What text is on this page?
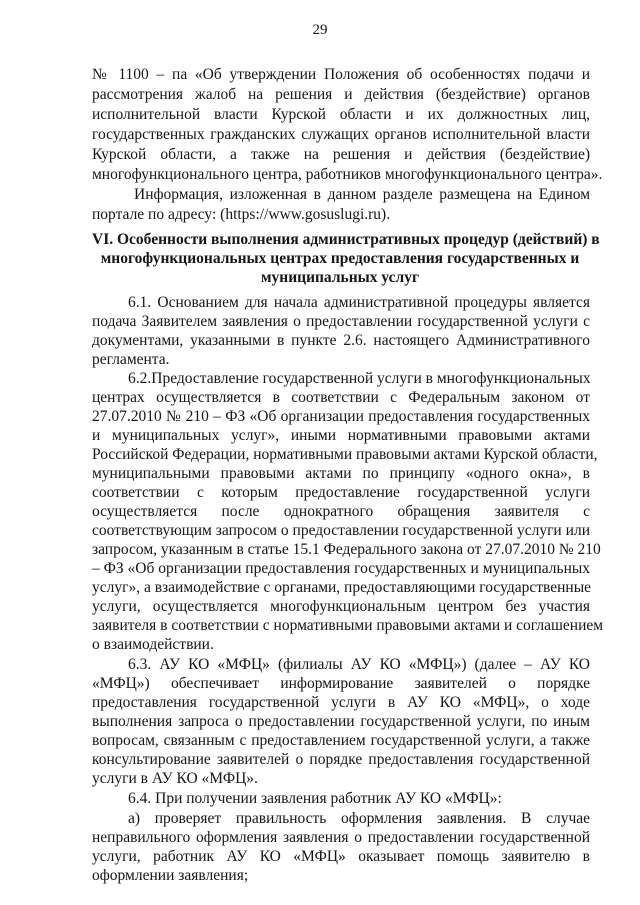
29
№ 1100 – па «Об утверждении Положения об особенностях подачи и
рассмотрения жалоб на решения и действия (бездействие) органов
исполнительной власти Курской области и их должностных лиц,
государственных гражданских служащих органов исполнительной власти
Курской области, а также на решения и действия (бездействие)
многофункционального центра, работников многофункционального центра».
Информация, изложенная в данном разделе размещена на Едином
портале по адресу: (https://www.gosuslugi.ru).
VI. Особенности выполнения административных процедур (действий) в
многофункциональных центрах предоставления государственных и
муниципальных услуг
6.1. Основанием для начала административной процедуры является
подача Заявителем заявления о предоставлении государственной услуги с
документами, указанными в пункте 2.6. настоящего Административного
регламента.
6.2.Предоставление государственной услуги в многофункциональных
центрах осуществляется в соответствии с Федеральным законом от
27.07.2010 № 210 – ФЗ «Об организации предоставления государственных
и муниципальных услуг», иными нормативными правовыми актами
Российской Федерации, нормативными правовыми актами Курской области,
муниципальными правовыми актами по принципу «одного окна», в
соответствии с которым предоставление государственной услуги
осуществляется после однократного обращения заявителя с
соответствующим запросом о предоставлении государственной услуги или
запросом, указанным в статье 15.1 Федерального закона от 27.07.2010 № 210
– ФЗ «Об организации предоставления государственных и муниципальных
услуг», а взаимодействие с органами, предоставляющими государственные
услуги, осуществляется многофункциональным центром без участия
заявителя в соответствии с нормативными правовыми актами и соглашением
о взаимодействии.
6.3. АУ КО «МФЦ» (филиалы АУ КО «МФЦ») (далее – АУ КО
«МФЦ») обеспечивает информирование заявителей о порядке
предоставления государственной услуги в АУ КО «МФЦ», о ходе
выполнения запроса о предоставлении государственной услуги, по иным
вопросам, связанным с предоставлением государственной услуги, а также
консультирование заявителей о порядке предоставления государственной
услуги в АУ КО «МФЦ».
6.4. При получении заявления работник АУ КО «МФЦ»:
а) проверяет правильность оформления заявления. В случае
неправильного оформления заявления о предоставлении государственной
услуги, работник АУ КО «МФЦ» оказывает помощь заявителю в
оформлении заявления;
